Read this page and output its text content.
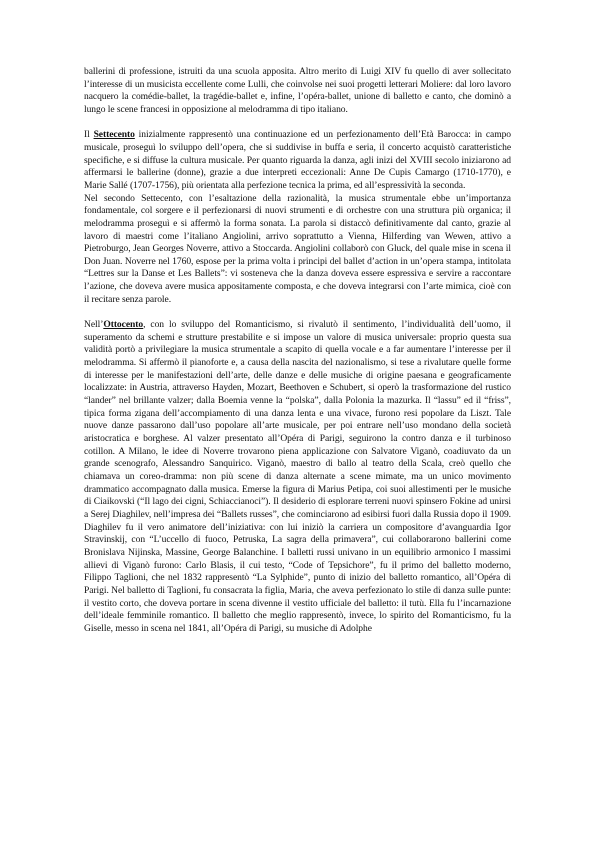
ballerini di professione, istruiti da una scuola apposita. Altro merito di Luigi XIV fu quello di aver sollecitato l’interesse di un musicista eccellente come Lulli, che coinvolse nei suoi progetti letterari Moliere: dal loro lavoro nacquero la comédie-ballet, la tragédie-ballet e, infine, l’opéra-ballet, unione di balletto e canto, che dominò a lungo le scene francesi in opposizione al melodramma di tipo italiano.

Il Settecento inizialmente rappresentò una continuazione ed un perfezionamento dell’Età Barocca: in campo musicale, proseguì lo sviluppo dell’opera, che si suddivise in buffa e seria, il concerto acquistò caratteristiche specifiche, e si diffuse la cultura musicale. Per quanto riguarda la danza, agli inizi del XVIII secolo iniziarono ad affermarsi le ballerine (donne), grazie a due interpreti eccezionali: Anne De Cupis Camargo (1710-1770), e Marie Sallé (1707-1756), più orientata alla perfezione tecnica la prima, ed all’espressività la seconda.

Nel secondo Settecento, con l’esaltazione della razionalità, la musica strumentale ebbe un’importanza fondamentale, col sorgere e il perfezionarsi di nuovi strumenti e di orchestre con una struttura più organica; il melodramma proseguì e si affermò la forma sonata. La parola si distaccò definitivamente dal canto, grazie al lavoro di maestri come l’italiano Angiolini, arrivo soprattutto a Vienna, Hilferding van Wewen, attivo a Pietroburgo, Jean Georges Noverre, attivo a Stoccarda. Angiolini collaborò con Gluck, del quale mise in scena il Don Juan. Noverre nel 1760, espose per la prima volta i principi del ballet d’action in un’opera stampa, intitolata “Lettres sur la Danse et Les Ballets”: vi sosteneva che la danza doveva essere espressiva e servire a raccontare l’azione, che doveva avere musica appositamente composta, e che doveva integrarsi con l’arte mimica, cioè con il recitare senza parole.

Nell’Ottocento, con lo sviluppo del Romanticismo, si rivalutò il sentimento, l’individualità dell’uomo, il superamento da schemi e strutture prestabilite e si impose un valore di musica universale: proprio questa sua validità portò a privilegiare la musica strumentale a scapito di quella vocale e a far aumentare l’interesse per il melodramma. Si affermò il pianoforte e, a causa della nascita del nazionalismo, si tese a rivalutare quelle forme di interesse per le manifestazioni dell’arte, delle danze e delle musiche di origine paesana e geograficamente localizzate: in Austria, attraverso Hayden, Mozart, Beethoven e Schubert, si operò la trasformazione del rustico “lander” nel brillante valzer; dalla Boemia venne la “polska”, dalla Polonia la mazurka. Il “lassu” ed il “friss”, tipica forma zigana dell’accompiamento di una danza lenta e una vivace, furono resi popolare da Liszt. Tale nuove danze passarono dall’uso popolare all’arte musicale, per poi entrare nell’uso mondano della società aristocratica e borghese. Al valzer presentato all’Opéra di Parigi, seguirono la contro danza e il turbinoso cotillon. A Milano, le idee di Noverre trovarono piena applicazione con Salvatore Viganò, coadiuvato da un grande scenografo, Alessandro Sanquirico. Viganò, maestro di ballo al teatro della Scala, creò quello che chiamava un coreo-dramma: non più scene di danza alternate a scene mimate, ma un unico movimento drammatico accompagnato dalla musica. Emerse la figura di Marius Petipa, coi suoi allestimenti per le musiche di Ciaikovski (“Il lago dei cigni, Schiaccianoci”). Il desiderio di esplorare terreni nuovi spinsero Fokine ad unirsi a Serej Diaghilev, nell’impresa dei “Ballets russes”, che cominciarono ad esibirsi fuori dalla Russia dopo il 1909. Diaghilev fu il vero animatore dell’iniziativa: con lui iniziò la carriera un compositore d’avanguardia Igor Stravinskij, con “L’uccello di fuoco, Petruska, La sagra della primavera”, cui collaborarono ballerini come Bronislava Nijinska, Massine, George Balanchine. I balletti russi univano in un equilibrio armonico I massimi allievi di Viganò furono: Carlo Blasis, il cui testo, “Code of Tepsichore”, fu il primo del balletto moderno, Filippo Taglioni, che nel 1832 rappresentò “La Sylphide”, punto di inizio del balletto romantico, all’Opéra di Parigi. Nel balletto di Taglioni, fu consacrata la figlia, Maria, che aveva perfezionato lo stile di danza sulle punte: il vestito corto, che doveva portare in scena divenne il vestito ufficiale del balletto: il tutù. Ella fu l’incarnazione dell’ideale femminile romantico. Il balletto che meglio rappresentò, invece, lo spirito del Romanticismo, fu la Giselle, messo in scena nel 1841, all’Opéra di Parigi, su musiche di Adolphe
